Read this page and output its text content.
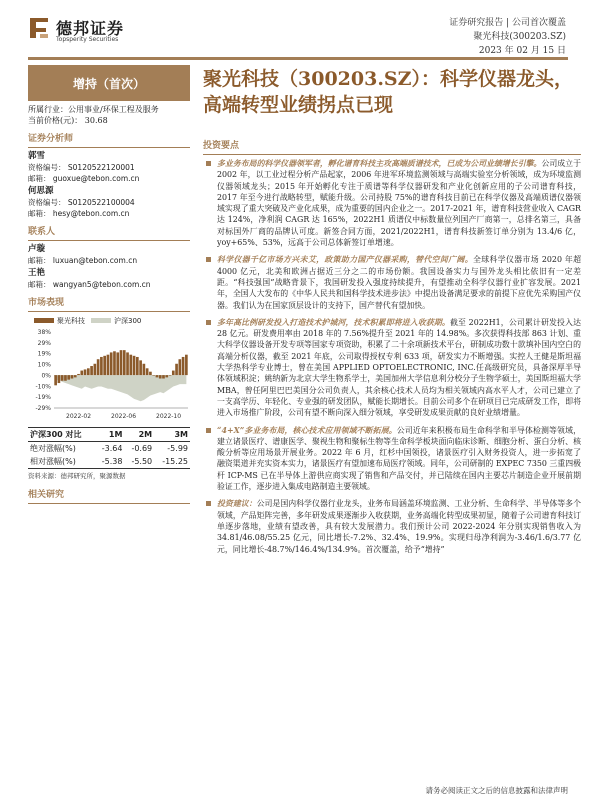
德邦证券
Topsperity Securities
证券研究报告 | 公司首次覆盖
聚光科技(300203.SZ)
2023 年 02 月 15 日
增持（首次）
所属行业：公用事业/环保工程及服务
当前价格(元)： 30.68
证券分析师
郭雪
资格编号： S0120522120001
邮箱： guoxue@tebon.com.cn
何思源
资格编号： S0120522100004
邮箱： hesy@tebon.com.cn
联系人
卢璇
邮箱： luxuan@tebon.com.cn
王艳
邮箱： wangyan5@tebon.com.cn
市场表现
聚光科技	沪深300
38%
29%
19%
10%
0%
-10%
-19%
-29%
2022-02	2022-06	2022-10
沪深300 对比	1M	2M	3M
绝对涨幅(%)	-3.64	-0.69	-5.99
相对涨幅(%)	-5.38	-5.50	-15.25
资料来源：德邦研究所，聚源数据
相关研究
聚光科技（300203.SZ）：科学仪器龙头，高端转型业绩拐点已现
投资要点
多业务布局的科学仪器领军者，孵化谱育科技主攻高端质谱技术，已成为公司业绩增长引擎。公司成立于 2002 年，以工业过程分析产品起家，2006 年进军环境监测领域与高端实验室分析领域，成为环境监测仪器领域龙头；2015 年开始孵化专注于质谱等科学仪器研发和产业化创新应用的子公司谱育科技，2017 年至今进行战略转型，赋能升级。公司持股 75%的谱育科技目前已在科学仪器及高端质谱仪器领域实现了重大突破及产业化成果，成为重要的国内企业之一。2017-2021 年，谱育科技营业收入 CAGR 达 124%，净利润 CAGR 达 165%，2022H1 质谱仪中标数量位列国产厂商第一，总排名第三，具备对标国外厂商的品牌认可度。新签合同方面，2021/2022H1，谱育科技新签订单分别为 13.4/6 亿，yoy+65%、53%，远高于公司总体新签订单增速。
科学仪器千亿市场方兴未艾，政策助力国产仪器采购，替代空间广阔。全球科学仪器市场 2020 年超 4000 亿元，北美和欧洲占据近三分之二的市场份额。我国设备实力与国外龙头相比依旧有一定差距。“科技强国”战略背景下，我国研发投入强度持续提升，有望推动全科学仪器行业扩容发展。2021 年，全国人大发布的《中华人民共和国科学技术进步法》中提出设备满足要求的前提下应优先采购国产仪器。我们认为在国家顶层设计的支持下，国产替代有望加快。
多年高比例研发投入打造技术护城河，技术积累即将进入收获期。截至 2022H1，公司累计研发投入达 28 亿元。研发费用率由 2018 年的 7.56%提升至 2021 年的 14.98%。多次获得科技部 863 计划、重大科学仪器设备开发专项等国家专项资助，积累了二十余项新技术平台，研制成功数十款填补国内空白的高端分析仪器，截至 2021 年底，公司取得授权专利 633 项，研发实力不断增强。实控人王健是斯坦福大学热科学专业博士，曾在美国 APPLIED OPTOELECTRONIC, INC.任高级研究员，具备深厚半导体领域积淀；姚纳新为北京大学生物系学士，美国加州大学信息利分校分子生物学硕士，美国斯坦福大学 MBA，曾任阿里巴巴美国分公司负责人，其余核心技术人员均为相关领域内高水平人才，公司已建立了一支高学历、年轻化、专业强的研发团队，赋能长期增长。目前公司多个在研项目已完成研发工作，即将进入市场推广阶段，公司有望不断向深入细分领域，享受研发成果贡献的良好业绩增量。
“4+X”多业务布局，核心技术应用领域不断拓展。公司近年来积极布局生命科学和半导体检测等领域，建立诸景医疗、谱康医学、聚视生物和聚标生物等生命科学板块面向临床诊断、细胞分析、蛋白分析、核酸分析等应用场景开展业务。2022 年 6 月，红杉中国领投，诸景医疗引入财务投资人，进一步拓宽了融资渠道并充实资本实力，诸景医疗有望加速布局医疗领域。同年，公司研制的 EXPEC 7350 三重四极杆 ICP-MS 已在半导体上游供应商实现了销售和产品交付，并已陆续在国内主要芯片制造企业开展前期验证工作，逐步进入集成电路制造主要领域。
投资建议：公司是国内科学仪器行业龙头，业务布局涵盖环境监测、工业分析、生命科学、半导体等多个领域，产品矩阵完善，多年研发成果逐渐步入收获期，业务高端化转型成果初显，随着子公司谱育科技订单逐步落地，业绩有望改善，具有较大发展潜力。我们预计公司 2022-2024 年分别实现销售收入为 34.81/46.08/55.25 亿元，同比增长-7.2%、32.4%、19.9%。实现归母净利润为-3.46/1.6/3.77 亿元，同比增长-48.7%/146.4%/134.9%。首次覆盖，给予“增持”
请务必阅读正文之后的信息披露和法律声明
